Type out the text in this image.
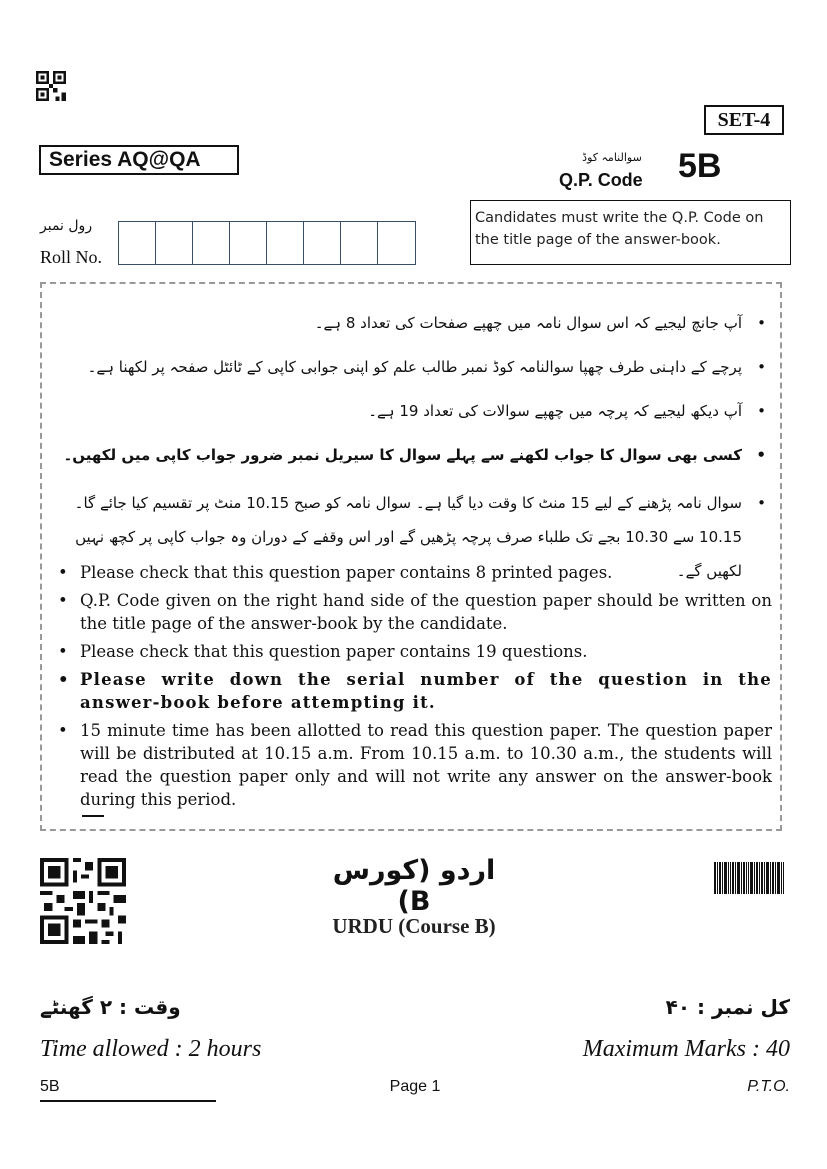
SET-4
Series AQ@QA	سوالنامہ کوڈ
Q.P. Code 5B
Candidates must write the Q.P. Code on the title page of the answer-book.
رول نمبر
Roll No.
•
آپ جانچ لیجیے کہ اس سوال نامہ میں چھپے صفحات کی تعداد 8 ہے۔
•
پرچے کے داہنی طرف چھپا سوالنامہ کوڈ نمبر طالب علم کو اپنی جوابی کاپی کے ٹائٹل صفحہ پر لکھنا ہے۔
•
آپ دیکھ لیجیے کہ پرچہ میں چھپے سوالات کی تعداد 19 ہے۔
•
کسی بھی سوال کا جواب لکھنے سے پہلے سوال کا سیریل نمبر ضرور جواب کاپی میں لکھیں۔
•
سوال نامہ پڑھنے کے لیے 15 منٹ کا وقت دیا گیا ہے۔ سوال نامہ کو صبح 10.15 منٹ پر تقسیم کیا جائے گا۔ 10.15 سے 10.30 بجے تک طلباء صرف پرچہ پڑھیں گے اور اس وقفے کے دوران وہ جواب کاپی پر کچھ نہیں لکھیں گے۔
• Please check that this question paper contains 8 printed pages.
• Q.P. Code given on the right hand side of the question paper should be written on the title page of the answer-book by the candidate.
• Please check that this question paper contains 19 questions.
• Please write down the serial number of the question in the answer-book before attempting it.
• 15 minute time has been allotted to read this question paper. The question paper will be distributed at 10.15 a.m. From 10.15 a.m. to 10.30 a.m., the students will read the question paper only and will not write any answer on the answer-book during this period.
اردو (کورس B)
URDU (Course B)
وقت : ۲ گھنٹے	کل نمبر : ۴۰
Time allowed : 2 hours	Maximum Marks : 40
5B	Page 1	P.T.O.
